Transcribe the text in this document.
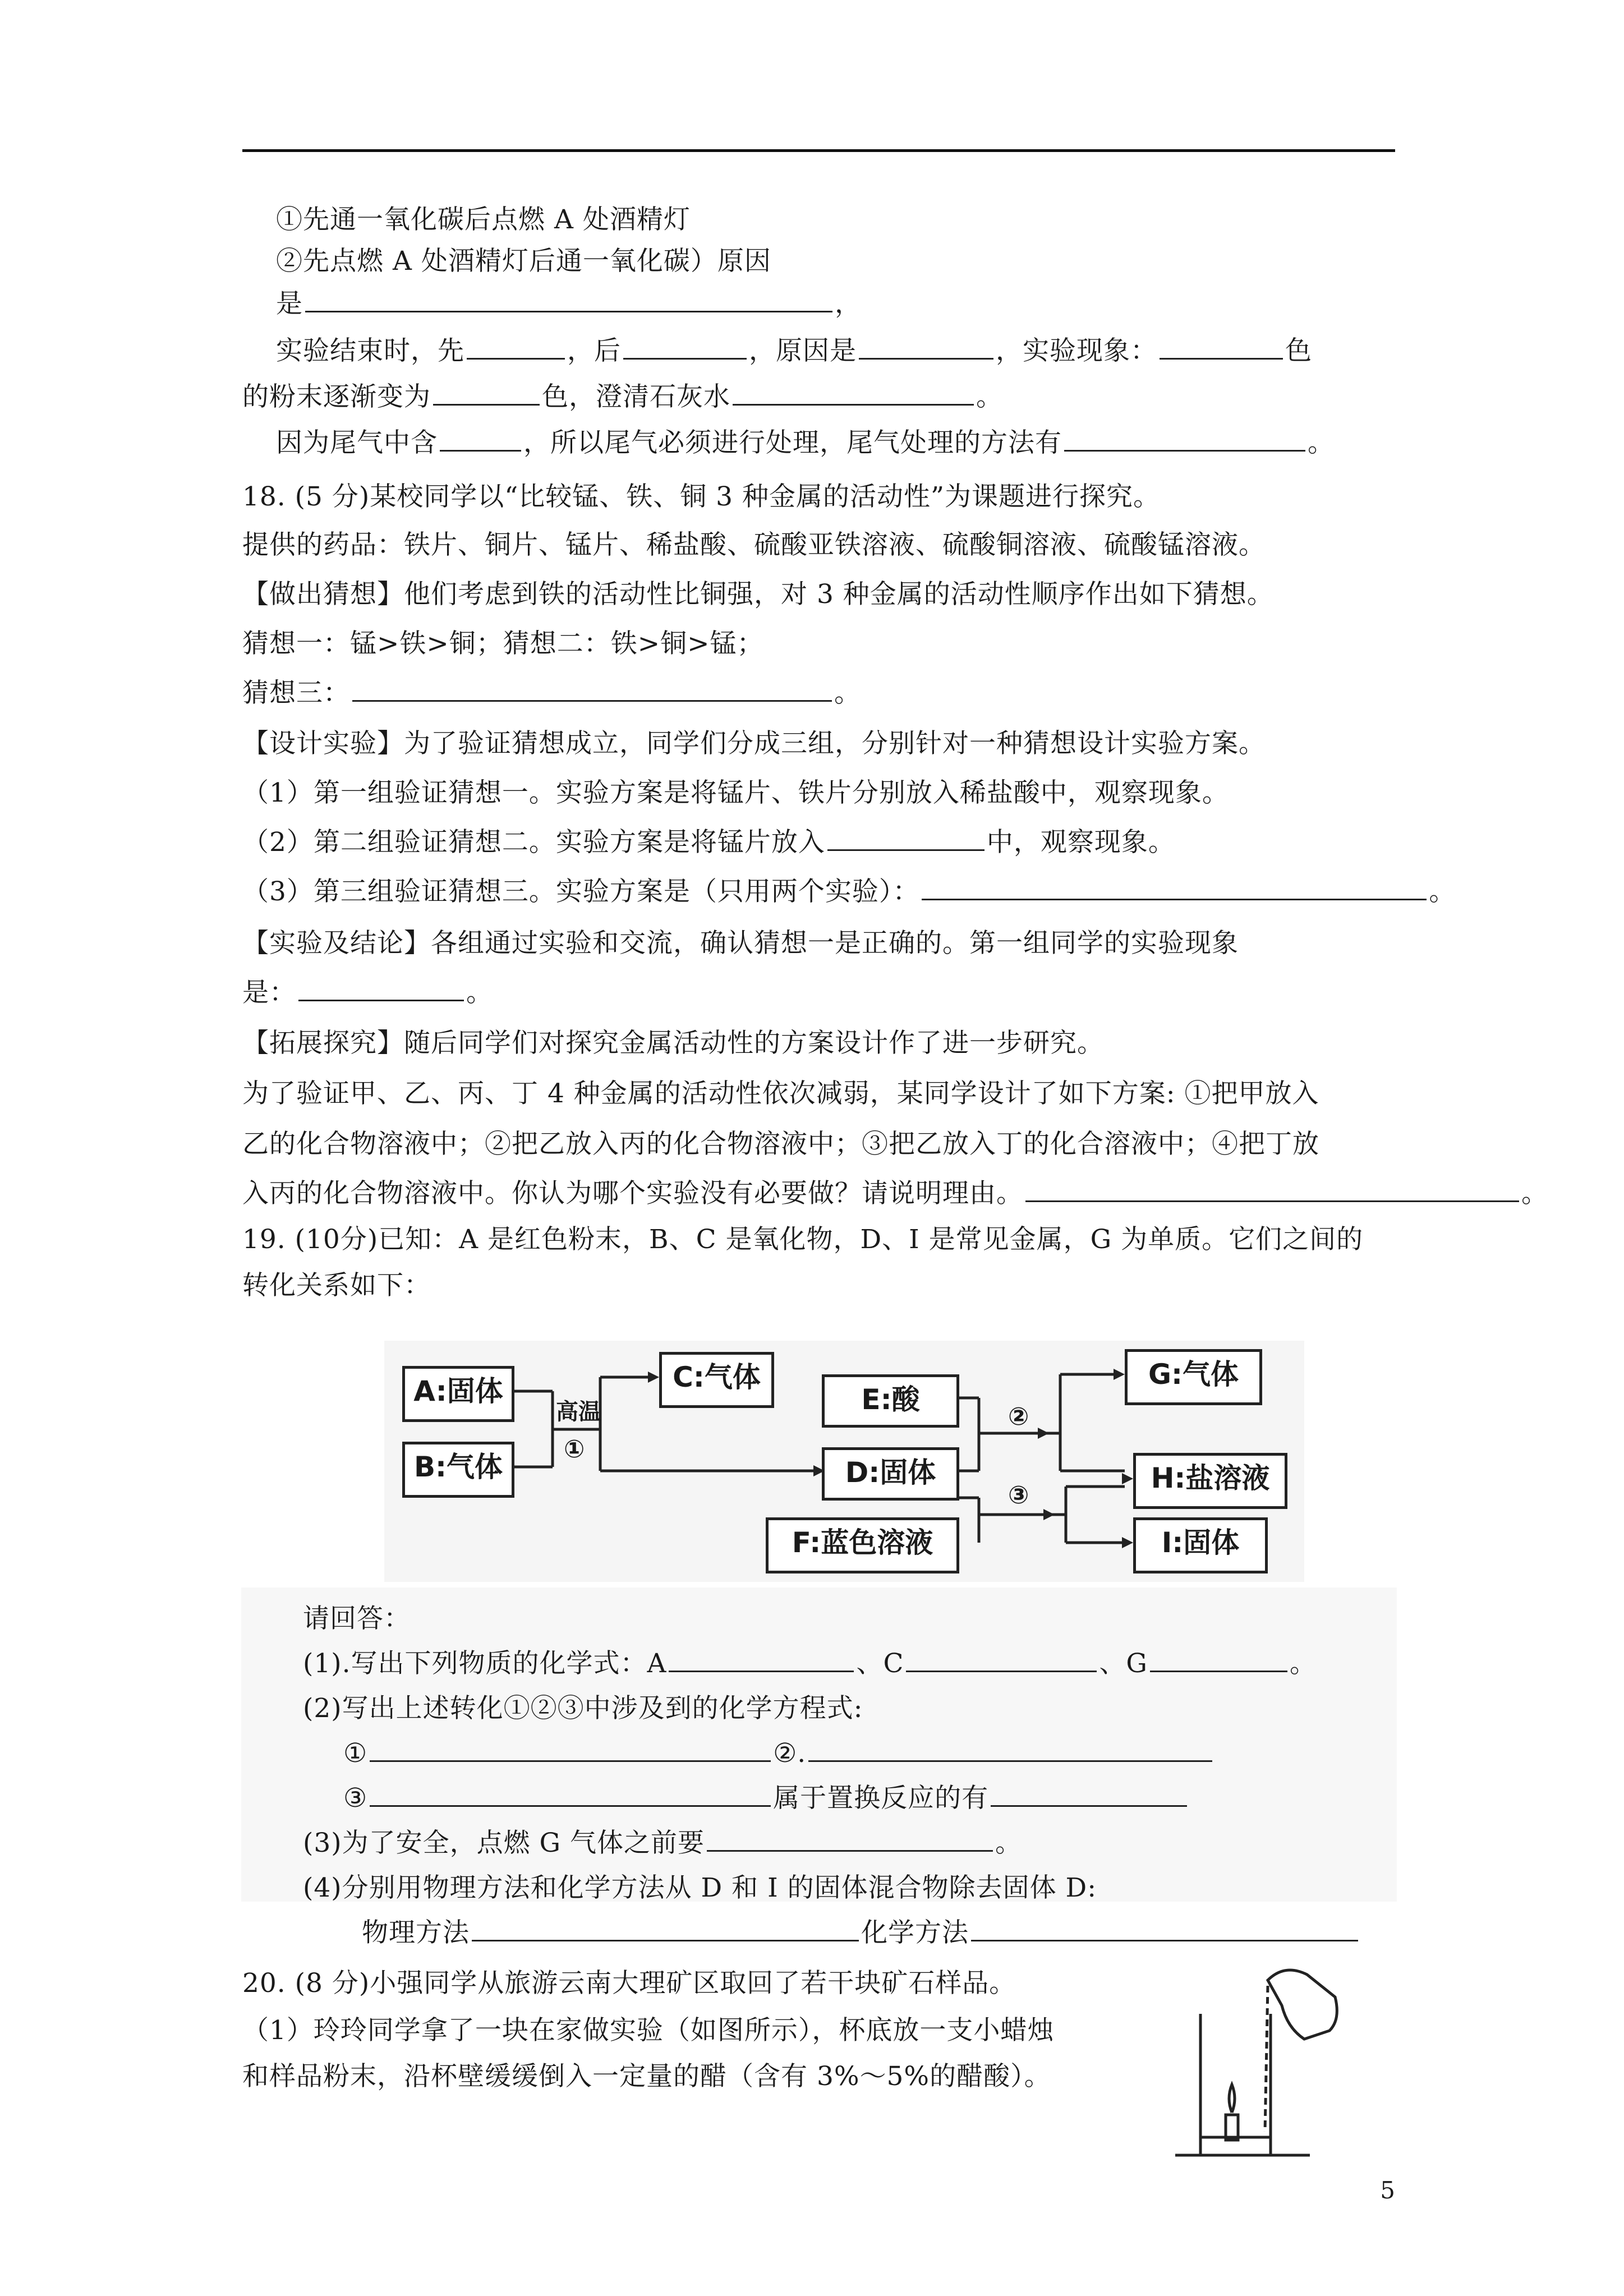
①先通一氧化碳后点燃 A 处酒精灯
②先点燃 A 处酒精灯后通一氧化碳）原因
是	，
实验结束时，先	，后	，原因是	，实验现象：	色
的粉末逐渐变为	色，澄清石灰水	。
因为尾气中含	，所以尾气必须进行处理，尾气处理的方法有	。
18. (5 分)某校同学以“比较锰、铁、铜 3 种金属的活动性”为课题进行探究。
提供的药品：铁片、铜片、锰片、稀盐酸、硫酸亚铁溶液、硫酸铜溶液、硫酸锰溶液。
【做出猜想】他们考虑到铁的活动性比铜强，对 3 种金属的活动性顺序作出如下猜想。
猜想一：锰>铁>铜；猜想二：铁>铜>锰；
猜想三：	。
【设计实验】为了验证猜想成立，同学们分成三组，分别针对一种猜想设计实验方案。
（1）第一组验证猜想一。实验方案是将锰片、铁片分别放入稀盐酸中，观察现象。
（2）第二组验证猜想二。实验方案是将锰片放入	中，观察现象。
（3）第三组验证猜想三。实验方案是（只用两个实验）：	。
【实验及结论】各组通过实验和交流，确认猜想一是正确的。第一组同学的实验现象
是：	。
【拓展探究】随后同学们对探究金属活动性的方案设计作了进一步研究。
为了验证甲、乙、丙、丁 4 种金属的活动性依次减弱，某同学设计了如下方案: ①把甲放入
乙的化合物溶液中；②把乙放入丙的化合物溶液中；③把乙放入丁的化合溶液中；④把丁放
入丙的化合物溶液中。你认为哪个实验没有必要做？请说明理由。	。
19. (10分)已知：A 是红色粉末，B、C 是氧化物，D、I 是常见金属，G 为单质。它们之间的
转化关系如下：
A:固体
B:气体
C:气体
E:酸
D:固体
F:蓝色溶液
G:气体
H:盐溶液
I:固体
高温
①
②
③
请回答：
(1).写出下列物质的化学式：A	、C	、G	。
(2)写出上述转化①②③中涉及到的化学方程式:
①	②.
③	属于置换反应的有
(3)为了安全，点燃 G 气体之前要	。
(4)分别用物理方法和化学方法从 D 和 I 的固体混合物除去固体 D:
物理方法	化学方法
20. (8 分)小强同学从旅游云南大理矿区取回了若干块矿石样品。
（1）玲玲同学拿了一块在家做实验（如图所示），杯底放一支小蜡烛
和样品粉末，沿杯壁缓缓倒入一定量的醋（含有 3%～5%的醋酸）。
5
